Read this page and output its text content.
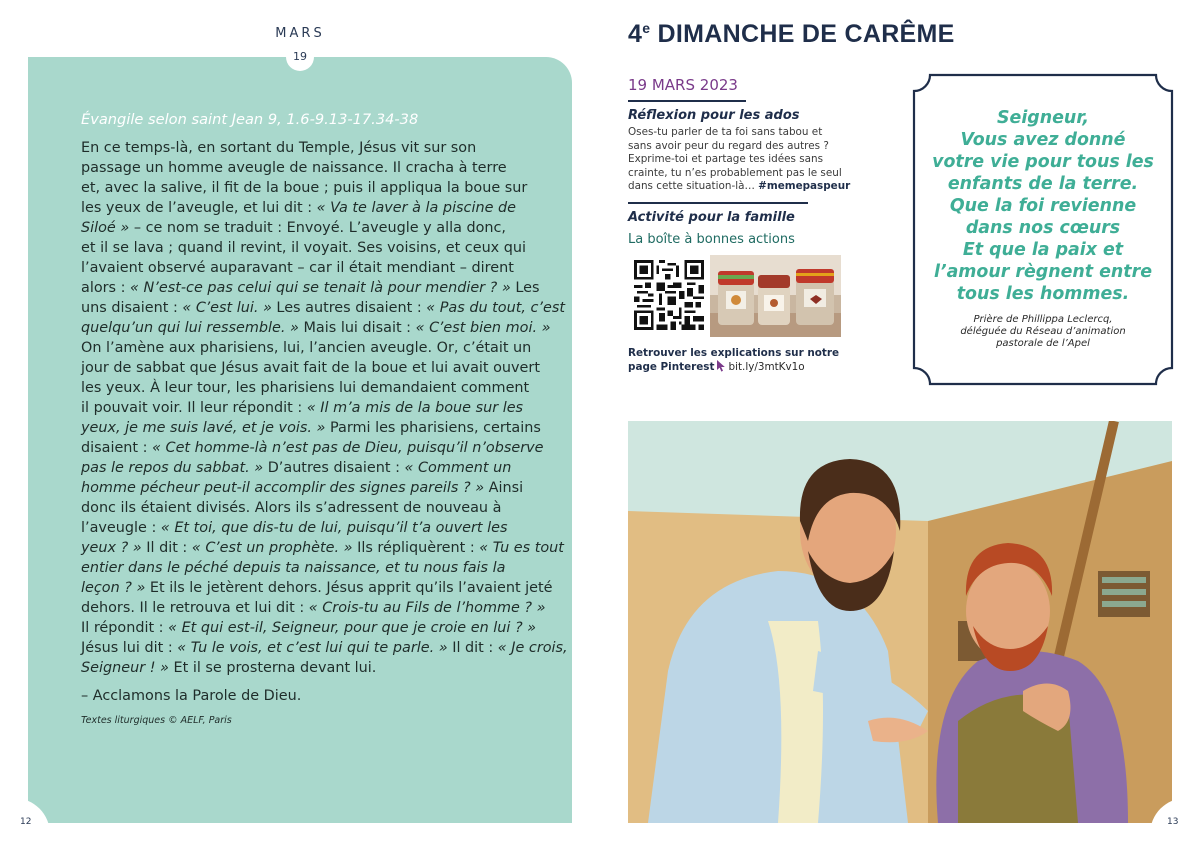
MARS
19
Évangile selon saint Jean 9, 1.6-9.13-17.34-38
En ce temps-là, en sortant du Temple, Jésus vit sur son
passage un homme aveugle de naissance. Il cracha à terre
et, avec la salive, il fit de la boue ; puis il appliqua la boue sur
les yeux de l’aveugle, et lui dit : « Va te laver à la piscine de
Siloé » – ce nom se traduit : Envoyé. L’aveugle y alla donc,
et il se lava ; quand il revint, il voyait. Ses voisins, et ceux qui
l’avaient observé auparavant – car il était mendiant – dirent
alors : « N’est-ce pas celui qui se tenait là pour mendier ? » Les
uns disaient : « C’est lui. » Les autres disaient : « Pas du tout, c’est
quelqu’un qui lui ressemble. » Mais lui disait : « C’est bien moi. »
On l’amène aux pharisiens, lui, l’ancien aveugle. Or, c’était un
jour de sabbat que Jésus avait fait de la boue et lui avait ouvert
les yeux. À leur tour, les pharisiens lui demandaient comment
il pouvait voir. Il leur répondit : « Il m’a mis de la boue sur les
yeux, je me suis lavé, et je vois. » Parmi les pharisiens, certains
disaient : « Cet homme-là n’est pas de Dieu, puisqu’il n’observe
pas le repos du sabbat. » D’autres disaient : « Comment un
homme pécheur peut-il accomplir des signes pareils ? » Ainsi
donc ils étaient divisés. Alors ils s’adressent de nouveau à
l’aveugle : « Et toi, que dis-tu de lui, puisqu’il t’a ouvert les
yeux ? » Il dit : « C’est un prophète. » Ils répliquèrent : « Tu es tout
entier dans le péché depuis ta naissance, et tu nous fais la
leçon ? » Et ils le jetèrent dehors. Jésus apprit qu’ils l’avaient jeté
dehors. Il le retrouva et lui dit : « Crois-tu au Fils de l’homme ? »
Il répondit : « Et qui est-il, Seigneur, pour que je croie en lui ? »
Jésus lui dit : « Tu le vois, et c’est lui qui te parle. » Il dit : « Je crois,
Seigneur ! » Et il se prosterna devant lui.
– Acclamons la Parole de Dieu.
Textes liturgiques © AELF, Paris
12
4e DIMANCHE DE CARÊME
19 MARS 2023
Réflexion pour les ados
Oses-tu parler de ta foi sans tabou et
sans avoir peur du regard des autres ?
Exprime-toi et partage tes idées sans
crainte, tu n’es probablement pas le seul
dans cette situation-là… #memepaspeur
Activité pour la famille
La boîte à bonnes actions
Retrouver les explications sur notre
page Pinterest bit.ly/3mtKv1o
Seigneur,
Vous avez donné
votre vie pour tous les
enfants de la terre.
Que la foi revienne
dans nos cœurs
Et que la paix et
l’amour règnent entre
tous les hommes.
Prière de Phillippa Leclercq,
déléguée du Réseau d’animation
pastorale de l’Apel
13
